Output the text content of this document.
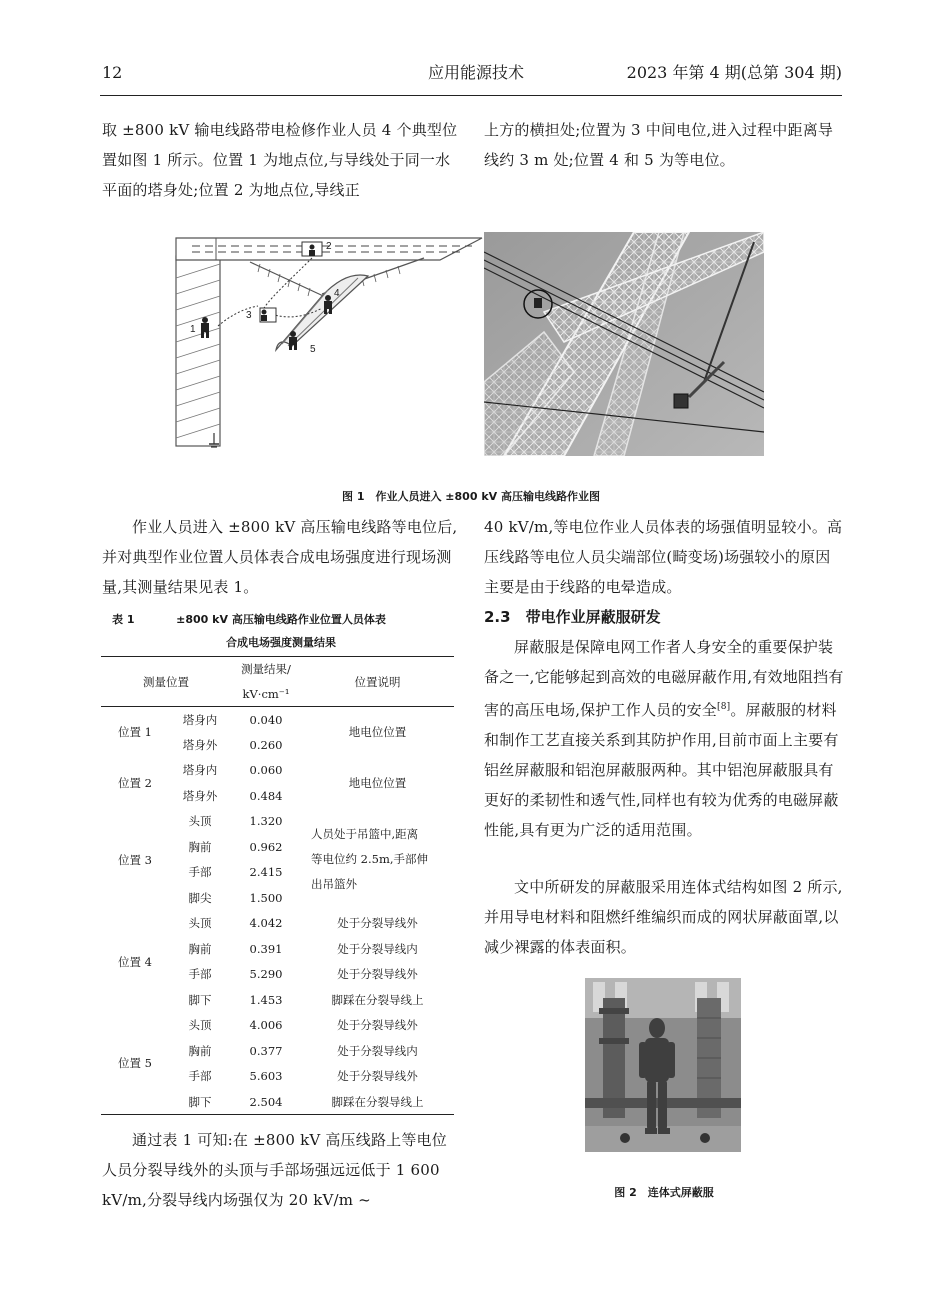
12	应用能源技术	2023 年第 4 期(总第 304 期)

取 ±800 kV 输电线路带电检修作业人员 4 个典型位置如图 1 所示。位置 1 为地点位,与导线处于同一水平面的塔身处;位置 2 为地点位,导线正

上方的横担处;位置为 3 中间电位,进入过程中距离导线约 3 m 处;位置 4 和 5 为等电位。

1
2
3
4
5
图 1　作业人员进入 ±800 kV 高压输电线路作业图

作业人员进入 ±800 kV 高压输电线路等电位后,并对典型作业位置人员体表合成电场强度进行现场测量,其测量结果见表 1。

表 1	±800 kV 高压输电线路作业位置人员体表
合成电场强度测量结果
测量位置		测量结果/	位置说明
		kV·cm⁻¹	
位置 1	塔身内	0.040	地电位位置
	塔身外	0.260	
位置 2	塔身内	0.060	地电位位置
	塔身外	0.484	
位置 3	头顶	1.320	人员处于吊篮中,距离
等电位约 2.5m,手部伸
出吊篮外

	胸前	0.962	
	手部	2.415	
	脚尖	1.500	
位置 4	头顶	4.042	处于分裂导线外
	胸前	0.391	处于分裂导线内
	手部	5.290	处于分裂导线外
	脚下	1.453	脚踩在分裂导线上
位置 5	头顶	4.006	处于分裂导线外
	胸前	0.377	处于分裂导线内
	手部	5.603	处于分裂导线外
	脚下	2.504	脚踩在分裂导线上

通过表 1 可知:在 ±800 kV 高压线路上等电位人员分裂导线外的头顶与手部场强远远低于 1 600 kV/m,分裂导线内场强仅为 20 kV/m ~

40 kV/m,等电位作业人员体表的场强值明显较小。高压线路等电位人员尖端部位(畸变场)场强较小的原因主要是由于线路的电晕造成。

2.3　带电作业屏蔽服研发

屏蔽服是保障电网工作者人身安全的重要保护装备之一,它能够起到高效的电磁屏蔽作用,有效地阻挡有害的高压电场,保护工作人员的安全[8]。屏蔽服的材料和制作工艺直接关系到其防护作用,目前市面上主要有铝丝屏蔽服和铝泡屏蔽服两种。其中铝泡屏蔽服具有更好的柔韧性和透气性,同样也有较为优秀的电磁屏蔽性能,具有更为广泛的适用范围。

文中所研发的屏蔽服采用连体式结构如图 2 所示,并用导电材料和阻燃纤维编织而成的网状屏蔽面罩,以减少裸露的体表面积。

图 2　连体式屏蔽服
